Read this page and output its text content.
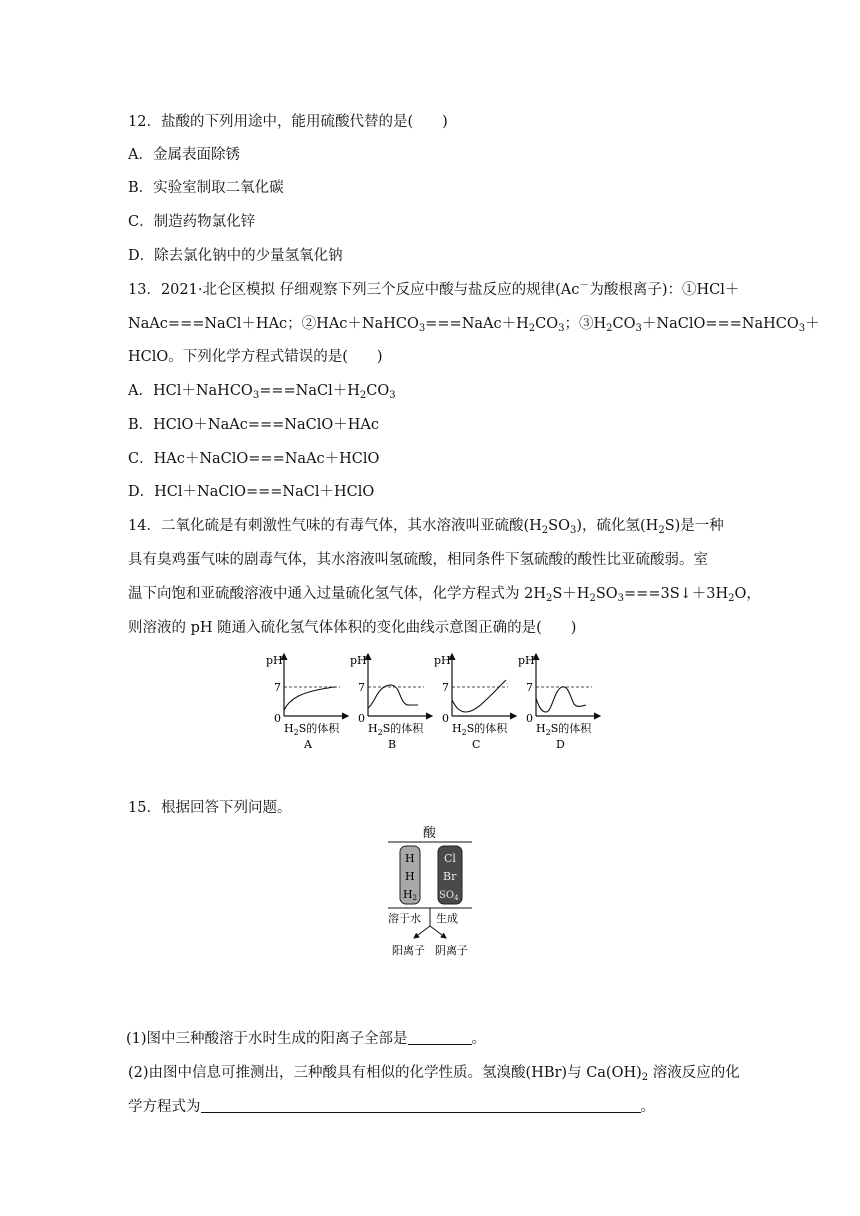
12．盐酸的下列用途中，能用硫酸代替的是(　　)
A．金属表面除锈
B．实验室制取二氧化碳
C．制造药物氯化锌
D．除去氯化钠中的少量氢氧化钠
13．2021·北仑区模拟 仔细观察下列三个反应中酸与盐反应的规律(Ac－为酸根离子)：①HCl＋
NaAc===NaCl＋HAc；$②HAc+NaHCO_3===NaAc+H_2CO_3$；$③H_2CO_3+NaClO===NaHCO_3+$
HClO。下列化学方程式错误的是(　　)
A．$HCl+NaHCO_3===NaCl+H_2CO_3$
B．HClO＋NaAc===NaClO＋HAc
C．HAc＋NaClO===NaAc＋HClO
D．HCl＋NaClO===NaCl＋HClO
14．二氧化硫是有刺激性气味的有毒气体，其水溶液叫亚硫酸$(H_2SO_3)$，硫化氢$(H_2S)$是一种
具有臭鸡蛋气味的剧毒气体，其水溶液叫氢硫酸，相同条件下氢硫酸的酸性比亚硫酸弱。室
温下向饱和亚硫酸溶液中通入过量硫化氢气体，化学方程式为 $2H_2S+H_2SO_3===3S↓+3H_2O$，
则溶液的 pH 随通入硫化氢气体体积的变化曲线示意图正确的是(　　)
pH
7
0
$H_2S$的体积
A
pH
7
0
$H_2S$的体积
B
pH
7
0
$H_2S$的体积
C
pH
7
0
$H_2S$的体积
D
15．根据回答下列问题。
酸
H
H
H2
Cl
Br
$SO_4$
溶于水 生成
阳离子 阴离子
(1)图中三种酸溶于水时生成的阳离子全部是	。
(2)由图中信息可推测出，三种酸具有相似的化学性质。氢溴酸(HBr)与 $Ca(OH)_2$ 溶液反应的化
学方程式为	。
